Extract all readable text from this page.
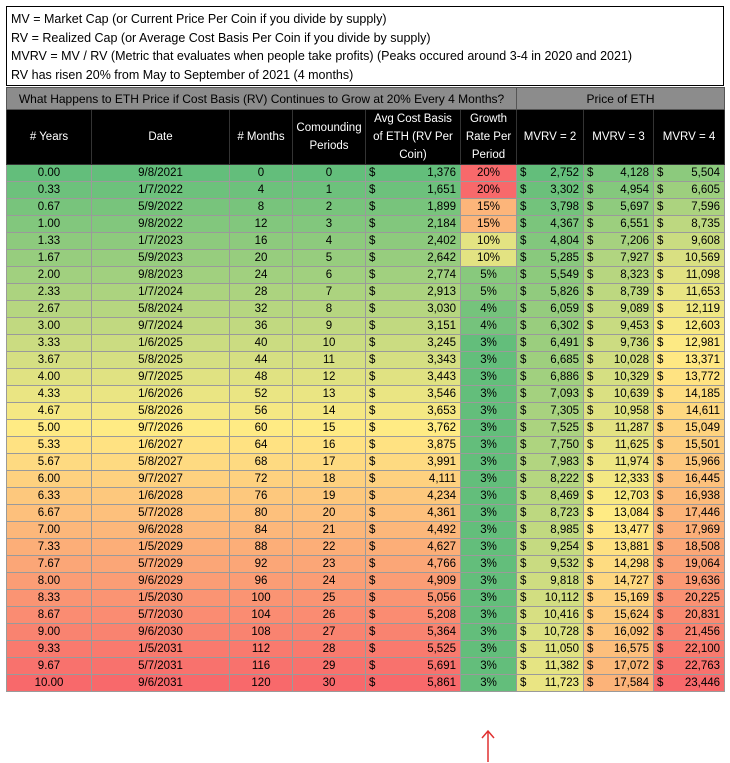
MV = Market Cap (or Current Price Per Coin if you divide by supply)
RV = Realized Cap (or Average Cost Basis Per Coin if you divide by supply)
MVRV = MV / RV (Metric that evaluates when people take profits) (Peaks occured around 3-4 in 2020 and 2021)
RV has risen 20% from May to September of 2021 (4 months)
What Happens to ETH Price if Cost Basis (RV) Continues to Grow at 20% Every 4 Months?						Price of ETH		
# Years	Date	# Months	Comounding Periods	Avg Cost Basis of ETH (RV Per Coin)	Growth Rate Per Period	MVRV = 2	MVRV = 3	MVRV = 4
0.00	9/8/2021	0	0	$ 1,376	20%	$ 2,752	$ 4,128	$ 5,504

0.33	1/7/2022	4	1	$ 1,651	20%	$ 3,302	$ 4,954	$ 6,605

0.67	5/9/2022	8	2	$ 1,899	15%	$ 3,798	$ 5,697	$ 7,596

1.00	9/8/2022	12	3	$ 2,184	15%	$ 4,367	$ 6,551	$ 8,735

1.33	1/7/2023	16	4	$ 2,402	10%	$ 4,804	$ 7,206	$ 9,608

1.67	5/9/2023	20	5	$ 2,642	10%	$ 5,285	$ 7,927	$ 10,569

2.00	9/8/2023	24	6	$ 2,774	5%	$ 5,549	$ 8,323	$ 11,098

2.33	1/7/2024	28	7	$ 2,913	5%	$ 5,826	$ 8,739	$ 11,653

2.67	5/8/2024	32	8	$ 3,030	4%	$ 6,059	$ 9,089	$ 12,119

3.00	9/7/2024	36	9	$ 3,151	4%	$ 6,302	$ 9,453	$ 12,603

3.33	1/6/2025	40	10	$ 3,245	3%	$ 6,491	$ 9,736	$ 12,981

3.67	5/8/2025	44	11	$ 3,343	3%	$ 6,685	$ 10,028	$ 13,371

4.00	9/7/2025	48	12	$ 3,443	3%	$ 6,886	$ 10,329	$ 13,772

4.33	1/6/2026	52	13	$ 3,546	3%	$ 7,093	$ 10,639	$ 14,185

4.67	5/8/2026	56	14	$ 3,653	3%	$ 7,305	$ 10,958	$ 14,611

5.00	9/7/2026	60	15	$ 3,762	3%	$ 7,525	$ 11,287	$ 15,049

5.33	1/6/2027	64	16	$ 3,875	3%	$ 7,750	$ 11,625	$ 15,501

5.67	5/8/2027	68	17	$ 3,991	3%	$ 7,983	$ 11,974	$ 15,966

6.00	9/7/2027	72	18	$ 4,111	3%	$ 8,222	$ 12,333	$ 16,445

6.33	1/6/2028	76	19	$ 4,234	3%	$ 8,469	$ 12,703	$ 16,938

6.67	5/7/2028	80	20	$ 4,361	3%	$ 8,723	$ 13,084	$ 17,446

7.00	9/6/2028	84	21	$ 4,492	3%	$ 8,985	$ 13,477	$ 17,969

7.33	1/5/2029	88	22	$ 4,627	3%	$ 9,254	$ 13,881	$ 18,508

7.67	5/7/2029	92	23	$ 4,766	3%	$ 9,532	$ 14,298	$ 19,064

8.00	9/6/2029	96	24	$ 4,909	3%	$ 9,818	$ 14,727	$ 19,636

8.33	1/5/2030	100	25	$ 5,056	3%	$ 10,112	$ 15,169	$ 20,225

8.67	5/7/2030	104	26	$ 5,208	3%	$ 10,416	$ 15,624	$ 20,831

9.00	9/6/2030	108	27	$ 5,364	3%	$ 10,728	$ 16,092	$ 21,456

9.33	1/5/2031	112	28	$ 5,525	3%	$ 11,050	$ 16,575	$ 22,100

9.67	5/7/2031	116	29	$ 5,691	3%	$ 11,382	$ 17,072	$ 22,763

10.00	9/6/2031	120	30	$ 5,861	3%	$ 11,723	$ 17,584	$ 23,446
